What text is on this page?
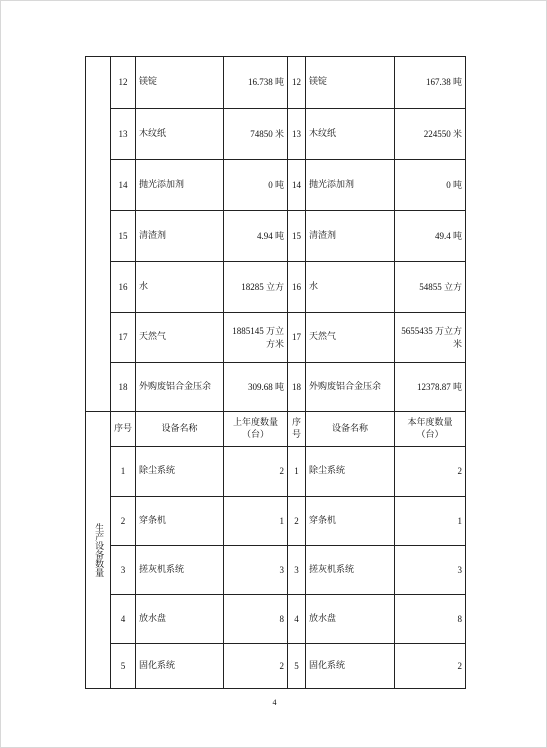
	12	镁锭	16.738 吨	12	镁锭	167.38 吨
	13	木纹纸	74850 米	13	木纹纸	224550 米
	14	抛光添加剂	0 吨	14	抛光添加剂	0 吨
	15	清渣剂	4.94 吨	15	清渣剂	49.4 吨
	16	水	18285 立方	16	水	54855 立方
	17	天然气	1885145 万立方米	17	天然气	5655435 万立方米
	18	外购废铝合金压余	309.68 吨	18	外购废铝合金压余	12378.87 吨

生产设备数量	序号	设备名称	上年度数量（台）	序号	设备名称	本年度数量（台）
	1	除尘系统	2	1	除尘系统	2
	2	穿条机	1	2	穿条机	1
	3	搓灰机系统	3	3	搓灰机系统	3
	4	放水盘	8	4	放水盘	8
	5	固化系统	2	5	固化系统	2
4
